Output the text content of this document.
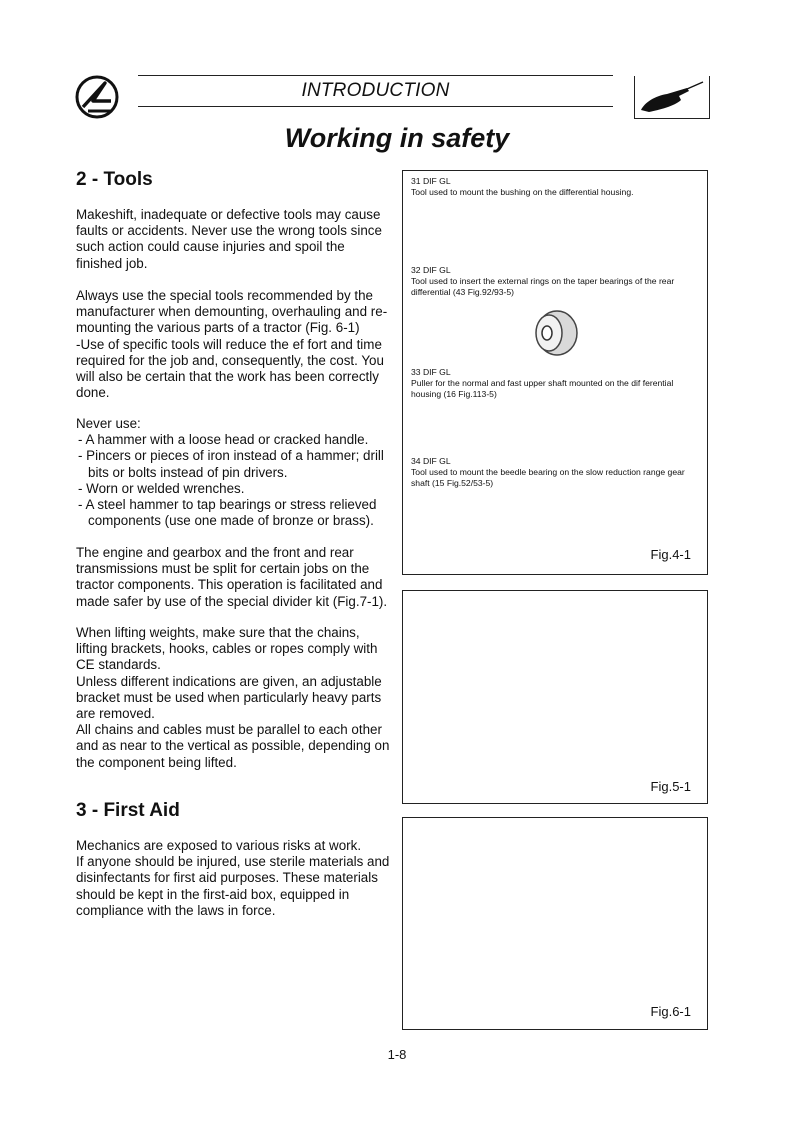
INTRODUCTION
Working in safety
2 - Tools
Makeshift, inadequate or defective tools may cause faults or accidents. Never use the wrong tools since such action could cause injuries and spoil the finished job.

Always use the special tools recommended by the manufacturer when demounting, overhauling and re-mounting the various parts of a tractor (Fig. 6-1)

-Use of specific tools will reduce the ef fort and time required for the job and, consequently, the cost. You will also be certain that the work has been correctly done.

Never use:

- A hammer with a loose head or cracked handle.

- Pincers or pieces of iron instead of a hammer; drill bits or bolts instead of pin drivers.

- Worn or welded wrenches.

- A steel hammer to tap bearings or stress relieved components (use one made of bronze or brass).

The engine and gearbox and the front and rear transmissions must be split for certain jobs on the tractor components. This operation is facilitated and made safer by use of the special divider kit (Fig.7-1).

When lifting weights, make sure that the chains, lifting brackets, hooks, cables or ropes comply with CE standards.

Unless different indications are given, an adjustable bracket must be used when particularly heavy parts are removed.

All chains and cables must be parallel to each other and as near to the vertical as possible, depending on the component being lifted.

3 - First Aid

Mechanics are exposed to various risks at work.

If anyone should be injured, use sterile materials and disinfectants for first aid purposes. These materials should be kept in the first-aid box, equipped in compliance with the laws in force.

31 DIF GL
Tool used to mount the bushing on the differential housing.
32 DIF GL
Tool used to insert the external rings on the taper bearings of the rear differential (43 Fig.92/93-5)
33 DIF GL
Puller for the normal and fast upper shaft mounted on the dif ferential housing (16 Fig.113-5)
34 DIF GL
Tool used to mount the beedle bearing on the slow reduction range gear shaft (15 Fig.52/53-5)
Fig.4-1
Fig.5-1
Fig.6-1
1-8
